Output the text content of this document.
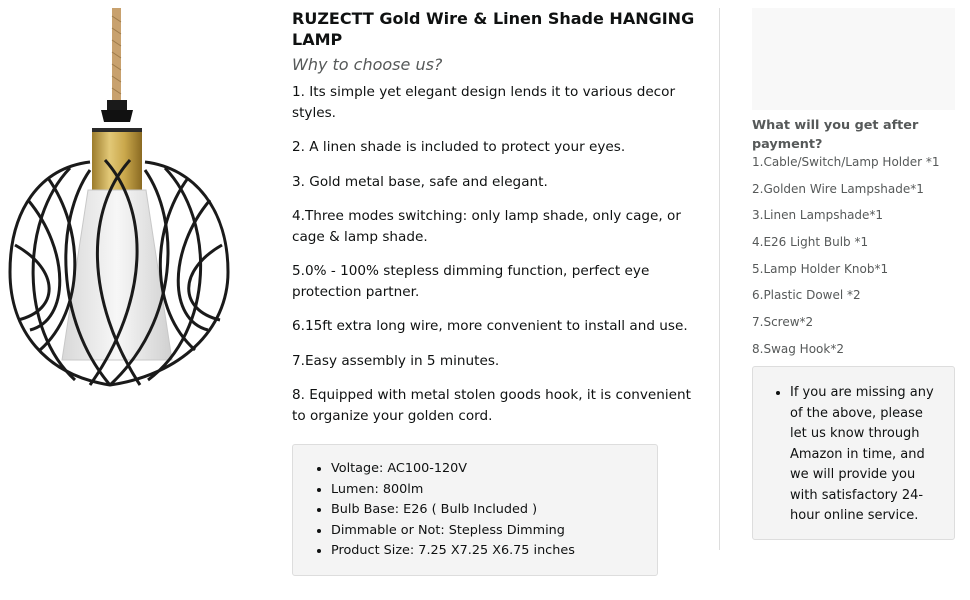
RUZECTT Gold Wire & Linen Shade HANGING LAMP
Why to choose us?
1. Its simple yet elegant design lends it to various decor styles.
2. A linen shade is included to protect your eyes.
3. Gold metal base, safe and elegant.
4.Three modes switching: only lamp shade, only cage, or cage & lamp shade.
5.0% - 100% stepless dimming function, perfect eye protection partner.
6.15ft extra long wire, more convenient to install and use.
7.Easy assembly in 5 minutes.
8. Equipped with metal stolen goods hook, it is convenient to organize your golden cord.
• Voltage: AC100-120V
• Lumen: 800lm
• Bulb Base: E26 ( Bulb Included )
• Dimmable or Not: Stepless Dimming
• Product Size: 7.25 X7.25 X6.75 inches
What will you get after payment?
1.Cable/Switch/Lamp Holder *1
2.Golden Wire Lampshade*1
3.Linen Lampshade*1
4.E26 Light Bulb *1
5.Lamp Holder Knob*1
6.Plastic Dowel *2
7.Screw*2
8.Swag Hook*2
• If you are missing any of the above, please let us know through Amazon in time, and we will provide you with satisfactory 24-hour online service.
